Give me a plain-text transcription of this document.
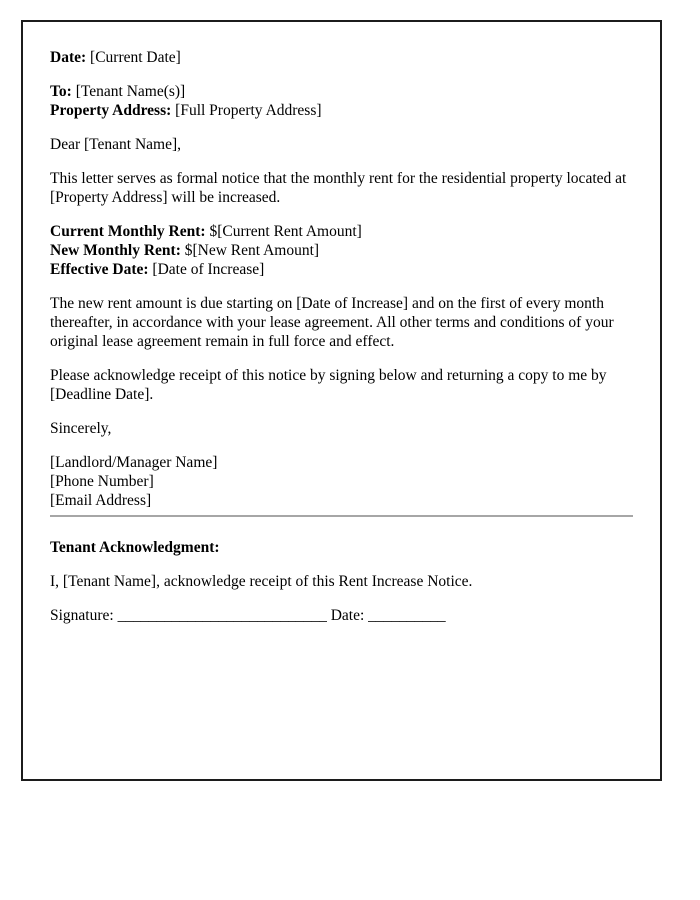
Date: [Current Date]

To: [Tenant Name(s)]
Property Address: [Full Property Address]

Dear [Tenant Name],

This letter serves as formal notice that the monthly rent for the residential property located at [Property Address] will be increased.

Current Monthly Rent: $[Current Rent Amount]
New Monthly Rent: $[New Rent Amount]
Effective Date: [Date of Increase]

The new rent amount is due starting on [Date of Increase] and on the first of every month thereafter, in accordance with your lease agreement. All other terms and conditions of your original lease agreement remain in full force and effect.

Please acknowledge receipt of this notice by signing below and returning a copy to me by [Deadline Date].

Sincerely,

[Landlord/Manager Name]
[Phone Number]
[Email Address]

Tenant Acknowledgment:

I, [Tenant Name], acknowledge receipt of this Rent Increase Notice.

Signature: ___________________________ Date: __________
